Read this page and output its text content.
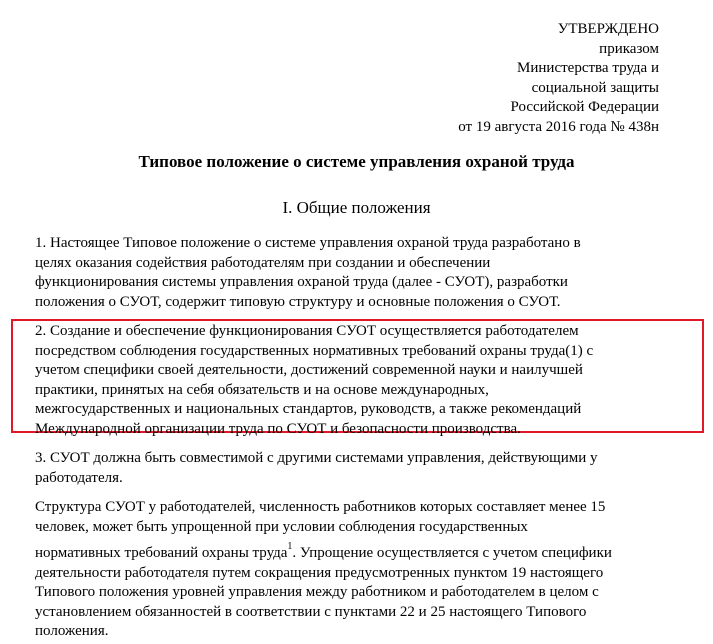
УТВЕРЖДЕНО
приказом
Министерства труда и
социальной защиты
Российской Федерации
от 19 августа 2016 года № 438н
Типовое положение о системе управления охраной труда
I. Общие положения
1. Настоящее Типовое положение о системе управления охраной труда разработано в
целях оказания содействия работодателям при создании и обеспечении
функционирования системы управления охраной труда (далее - СУОТ), разработки
положения о СУОТ, содержит типовую структуру и основные положения о СУОТ.
2. Создание и обеспечение функционирования СУОТ осуществляется работодателем
посредством соблюдения государственных нормативных требований охраны труда(1) с
учетом специфики своей деятельности, достижений современной науки и наилучшей
практики, принятых на себя обязательств и на основе международных,
межгосударственных и национальных стандартов, руководств, а также рекомендаций
Международной организации труда по СУОТ и безопасности производства.
3. СУОТ должна быть совместимой с другими системами управления, действующими у
работодателя.
Структура СУОТ у работодателей, численность работников которых составляет менее 15
человек, может быть упрощенной при условии соблюдения государственных
нормативных требований охраны труда$^1$. Упрощение осуществляется с учетом специфики
деятельности работодателя путем сокращения предусмотренных пунктом 19 настоящего
Типового положения уровней управления между работником и работодателем в целом с
установлением обязанностей в соответствии с пунктами 22 и 25 настоящего Типового
положения.
